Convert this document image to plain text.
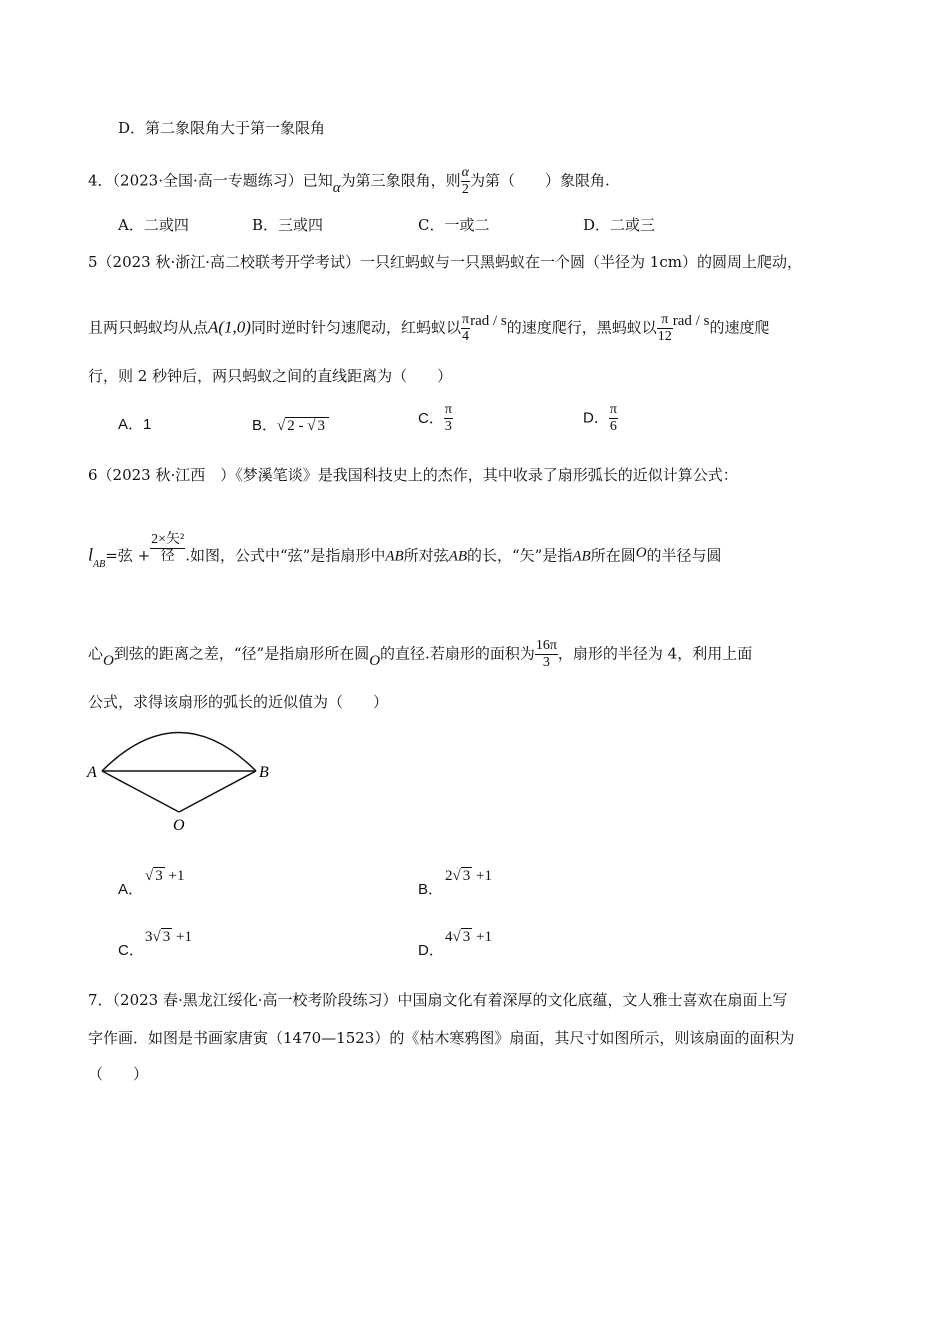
D．第二象限角大于第一象限角
4．（2023·全国·高一专题练习）已知α为第三象限角，则 $\frac{\alpha}{2}$ 为第（　　）象限角.
A．二或四	B．三或四	C．一或二	D．二或三
5（2023 秋·浙江·高二校联考开学考试）一只红蚂蚁与一只黑蚂蚁在一个圆（半径为 1cm）的圆周上爬动，
且两只蚂蚁均从点A(1,0)同时逆时针匀速爬动，红蚂蚁以 $\frac{\pi}{4}$ rad / s的速度爬行，黑蚂蚁以 $\frac{\pi}{12}$ rad / s的速度爬
行，则 2 秒钟后，两只蚂蚁之间的直线距离为（　　）
A．1	B．√ 2 - √ 3	C． $\frac{\pi}{3}$	D． $\frac{\pi}{6}$
6（2023 秋·江西　）《梦溪笔谈》是我国科技史上的杰作，其中收录了扇形弧长的近似计算公式：
$l_{AB}=$弦 + $\frac{\text{2×矢²}}{\text{径}}$ .如图，公式中“弦”是指扇形中AB所对弦AB的长，“矢”是指AB所在圆O的半径与圆
心O到弦的距离之差，“径”是指扇形所在圆O的直径.若扇形的面积为 $\frac{16\pi}{3}$ ，扇形的半径为 4，利用上面
公式，求得该扇形的弧长的近似值为（　　）
A	B
O
A．
√ 3 +1
B．
2√ 3 +1
C．
3√ 3 +1
D．
4√ 3 +1
7．（2023 春·黑龙江绥化·高一校考阶段练习）中国扇文化有着深厚的文化底蕴，文人雅士喜欢在扇面上写
字作画．如图是书画家唐寅（1470—1523）的《枯木寒鸦图》扇面，其尺寸如图所示，则该扇面的面积为
（　　）
